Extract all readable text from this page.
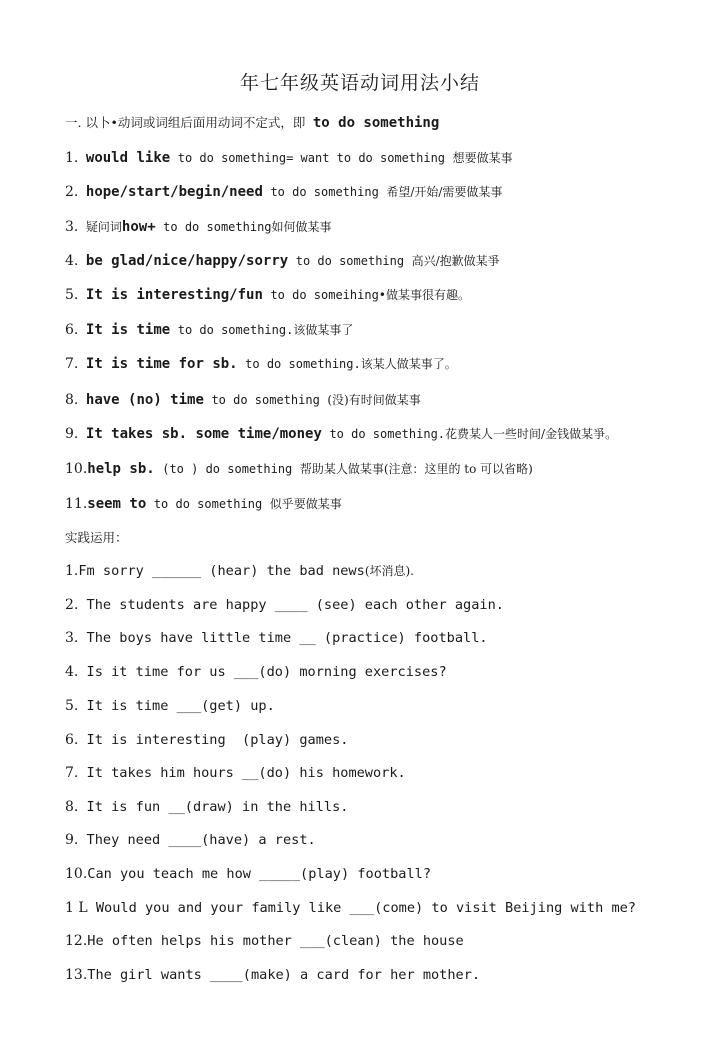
年七年级英语动词用法小结
一. 以卜•动词或词组后面用动词不定式，即 to do something
1. would like to do something= want to do something 想要做某事
2. hope/start/begin/need to do something 希望/开始/需要做某事
3. 疑问词how+ to do something如何做某事
4. be glad/nice/happy/sorry to do something 高兴/抱歉做某爭
5. It is interesting/fun to do someihing•做某事很有趣。
6. It is time to do something.该做某事了
7. It is time for sb. to do something.该某人做某事了。
8. have (no) time to do something (没)有时间做某事
9. It takes sb. some time/money to do something.花费某人一些时间/金钱做某爭。
10.help sb. (to ) do something 帮助某人做某事(注意：这里的 to 可以省略)
11.seem to to do something 似乎要做某事
实践运用：
1.Fm sorry ______ (hear) the bad news(坏消息).
2. The students are happy ____ (see) each other again.
3. The boys have little time __ (practice) football.
4. Is it time for us ___(do) morning exercises?
5. It is time ___(get) up.
6. It is interesting  (play) games.
7. It takes him hours __(do) his homework.
8. It is fun __(draw) in the hills.
9. They need ____(have) a rest.
10.Can you teach me how _____(play) football?
1 L Would you and your family like ___(come) to visit Beijing with me?
12.He often helps his mother ___(clean) the house
13.The girl wants ____(make) a card for her mother.
